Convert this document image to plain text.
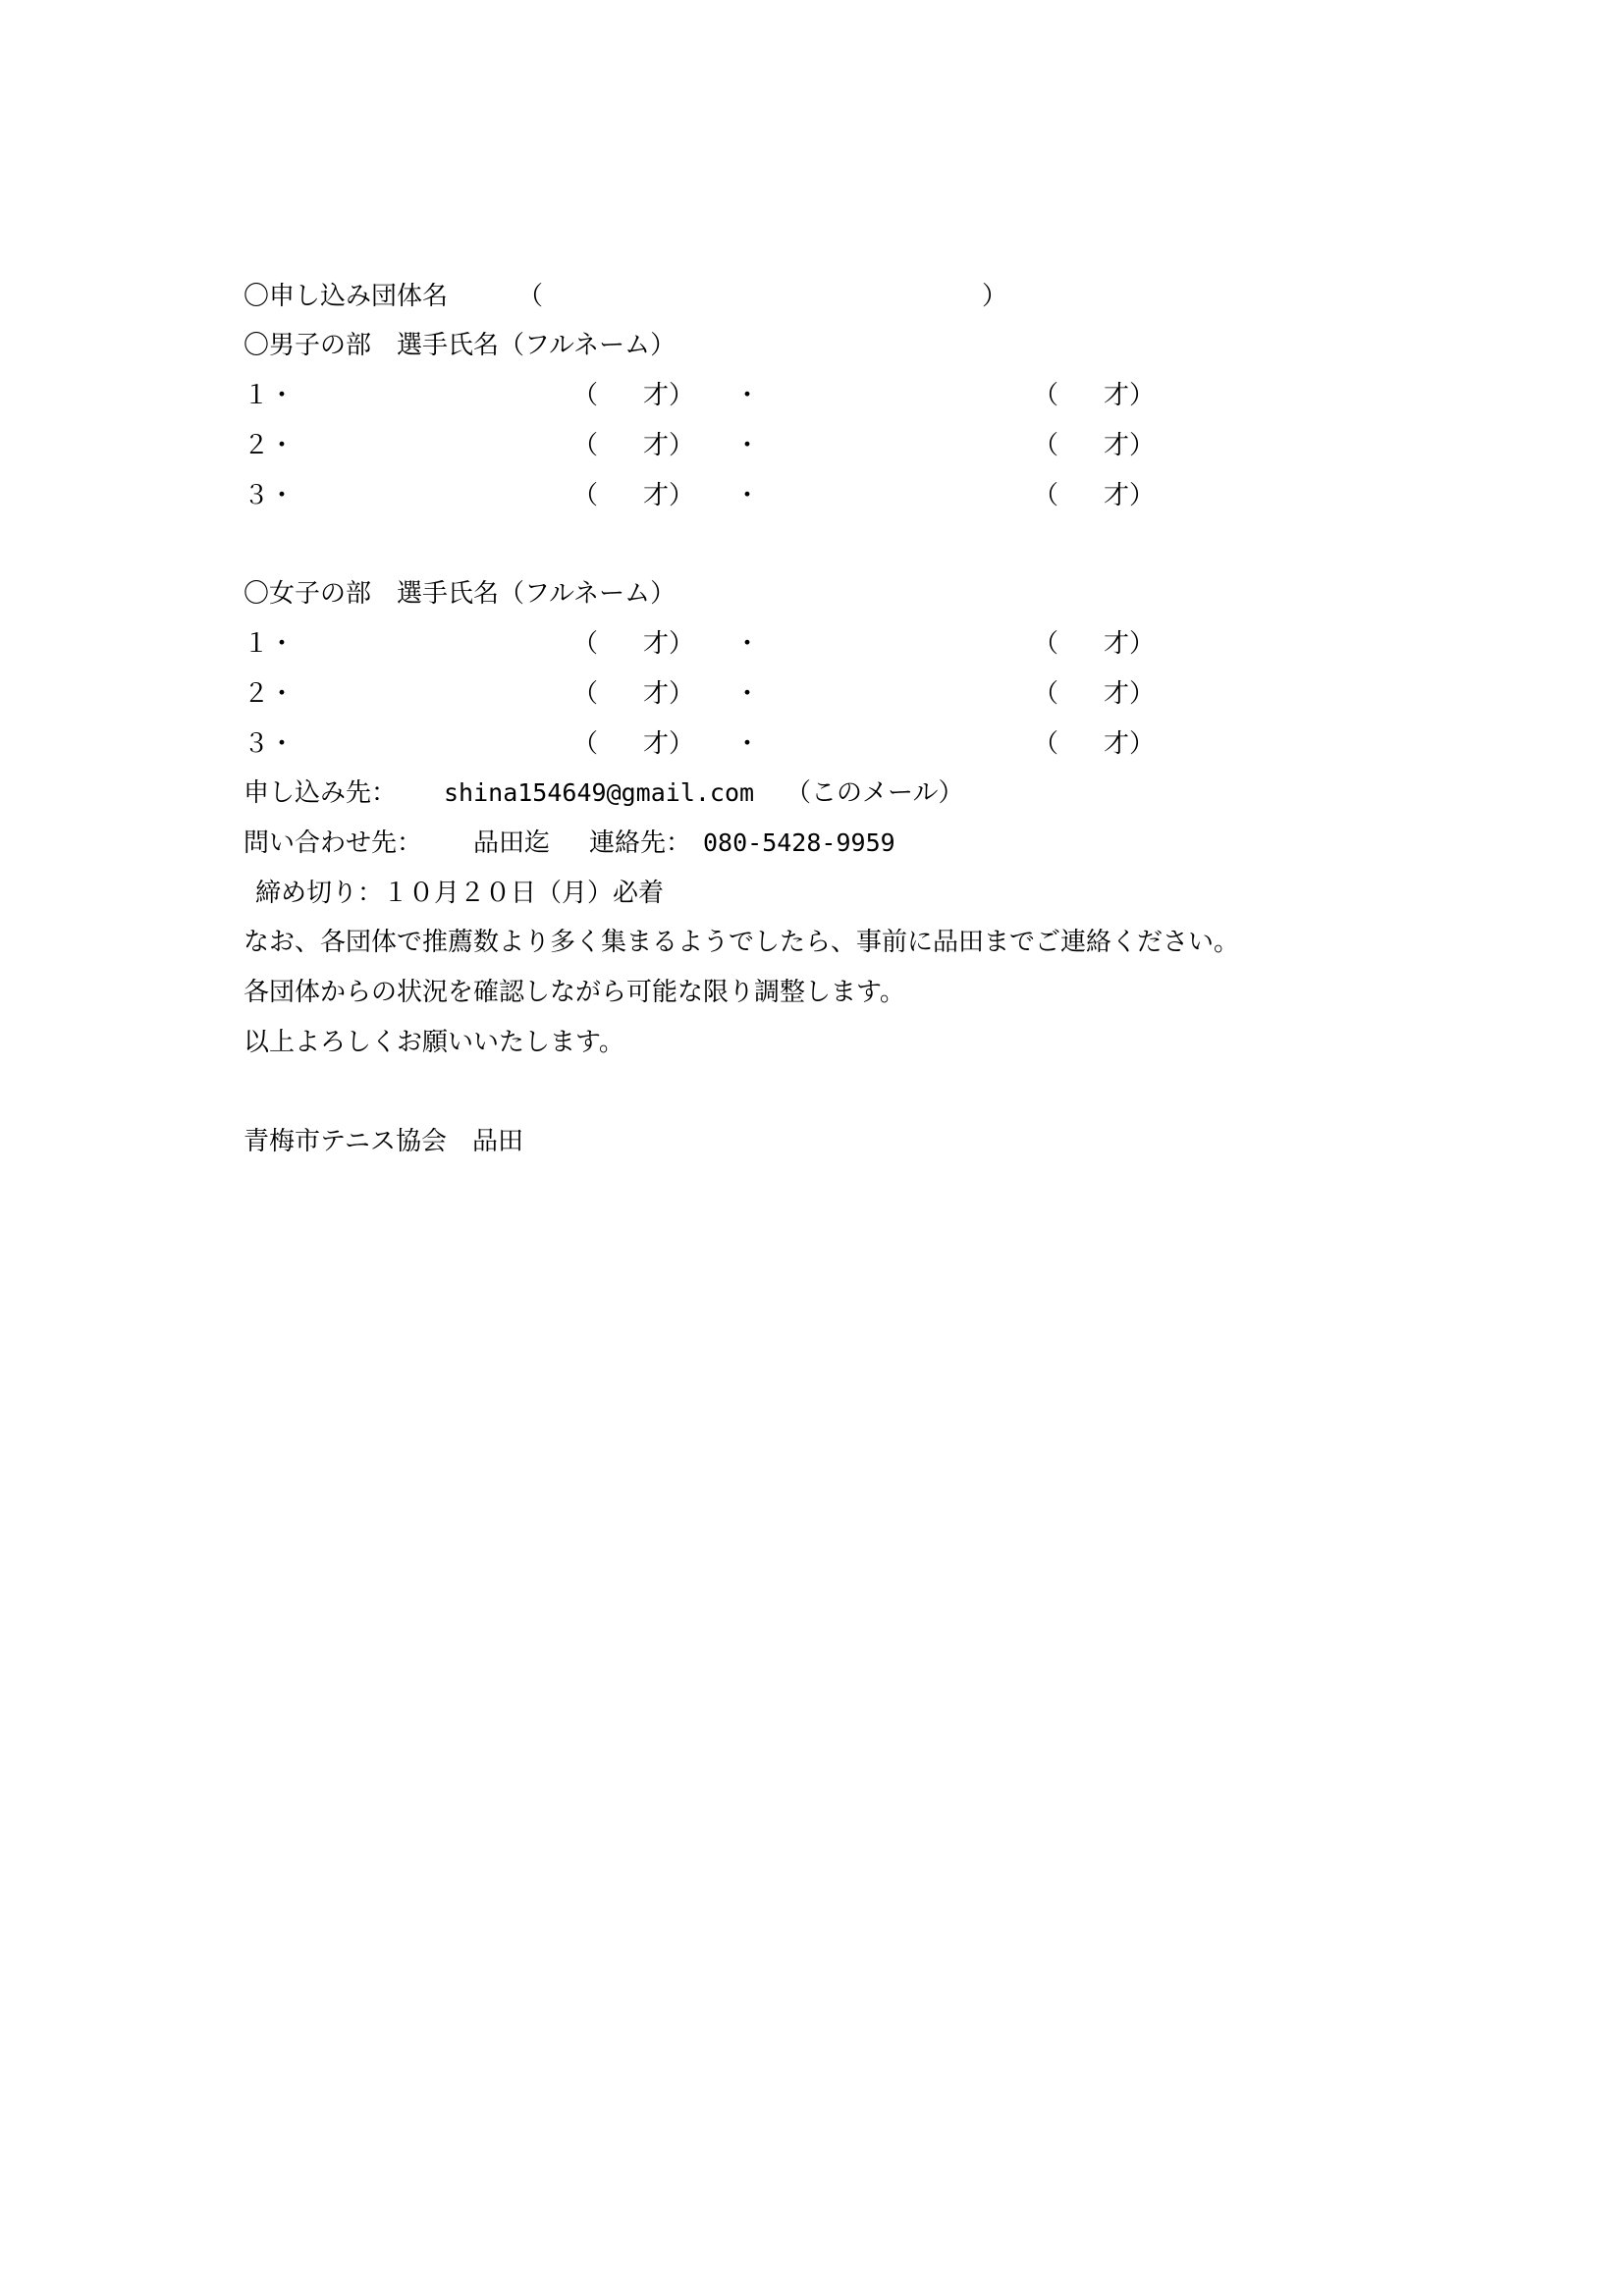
〇申し込み団体名	（	）
〇男子の部　選手氏名（フルネーム）
１・	（ 才） ・	（ 才）
２・	（ 才） ・	（ 才）
３・	（ 才） ・	（ 才）
〇女子の部　選手氏名（フルネーム）
１・	（ 才） ・	（ 才）
２・	（ 才） ・	（ 才）
３・	（ 才） ・	（ 才）
申し込み先： shina154649@gmail.com （このメール）
問い合わせ先： 品田迄 連絡先： 080-5428-9959
締め切り：１０月２０日（月）必着
なお、各団体で推薦数より多く集まるようでしたら、事前に品田までご連絡ください。
各団体からの状況を確認しながら可能な限り調整します。
以上よろしくお願いいたします。
青梅市テニス協会　品田
